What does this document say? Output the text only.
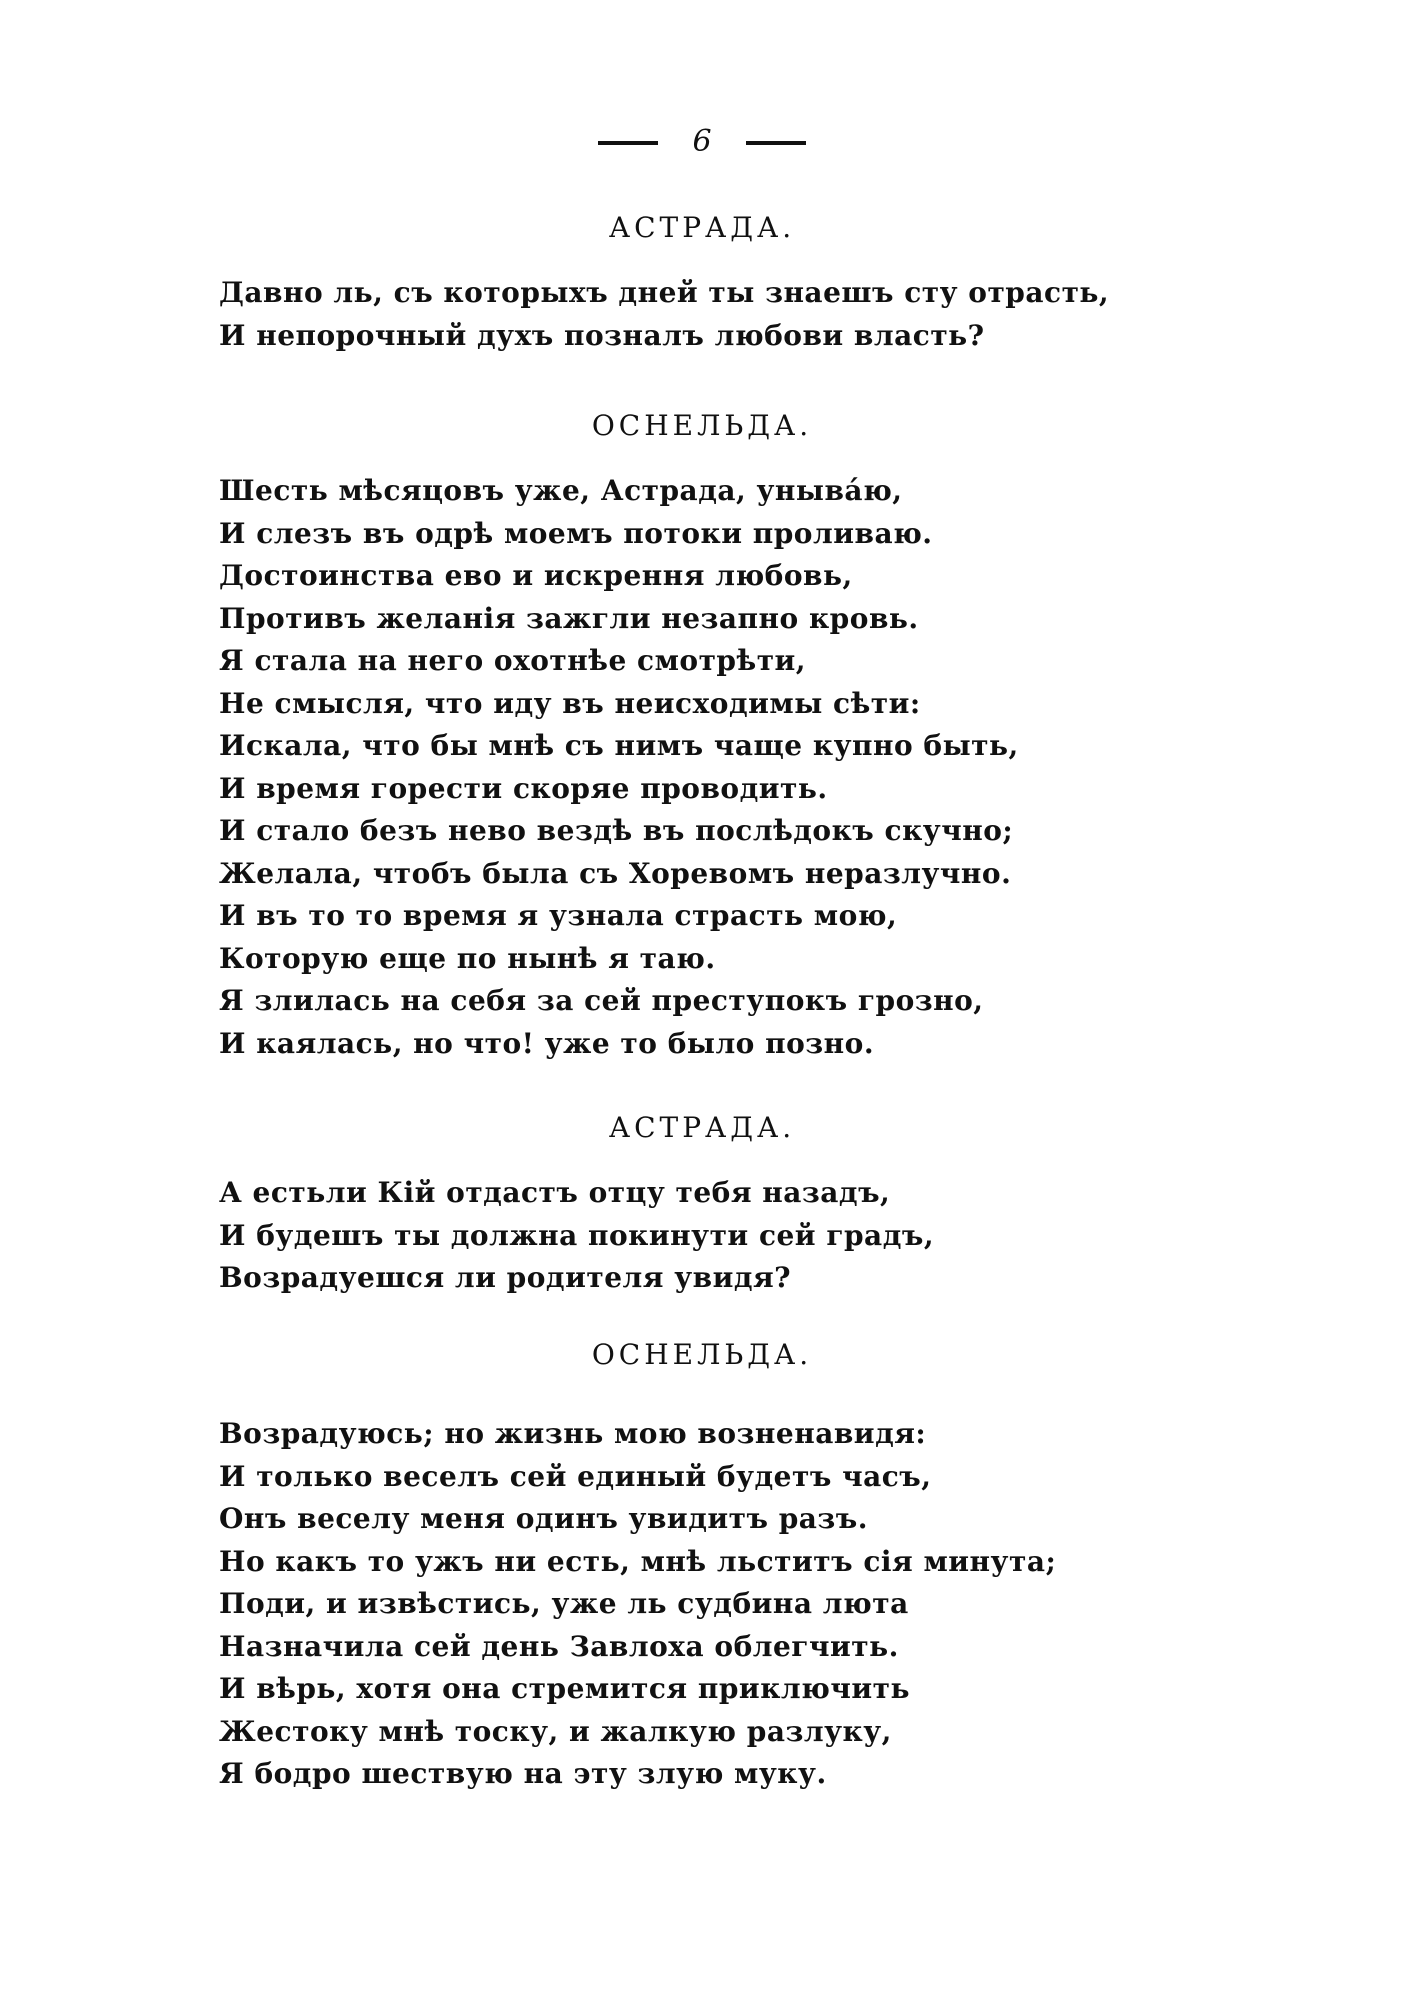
6
АСТРАДА.
Давно ль, съ которыхъ дней ты знаешъ сту отрасть,
И непорочный духъ позналъ любови власть?
ОСНЕЛЬДА.
Шесть мѣсяцовъ уже, Астрада, уныва́ю,
И слезъ въ одрѣ моемъ потоки проливаю.
Достоинства ево и искрення любовь,
Противъ желанія зажгли незапно кровь.
Я стала на него охотнѣе смотрѣти,
Не смысля, что иду въ неисходимы сѣти:
Искала, что бы мнѣ съ нимъ чаще купно быть,
И время горести скоряе проводить.
И стало безъ нево вездѣ въ послѣдокъ скучно;
Желала, чтобъ была съ Хоревомъ неразлучно.
И въ то то время я узнала страсть мою,
Которую еще по нынѣ я таю.
Я злилась на себя за сей преступокъ грозно,
И каялась, но что! уже то было позно.
АСТРАДА.
А естьли Кій отдастъ отцу тебя назадъ,
И будешъ ты должна покинути сей градъ,
Возрадуешся ли родителя увидя?
ОСНЕЛЬДА.
Возрадуюсь; но жизнь мою возненавидя:
И только веселъ сей единый будетъ часъ,
Онъ веселу меня одинъ увидитъ разъ.
Но какъ то ужъ ни есть, мнѣ льститъ сія минута;
Поди, и извѣстись, уже ль судбина люта
Назначила сей день Завлоха облегчить.
И вѣрь, хотя она стремится приключить
Жестоку мнѣ тоску, и жалкую разлуку,
Я бодро шествую на эту злую муку.
